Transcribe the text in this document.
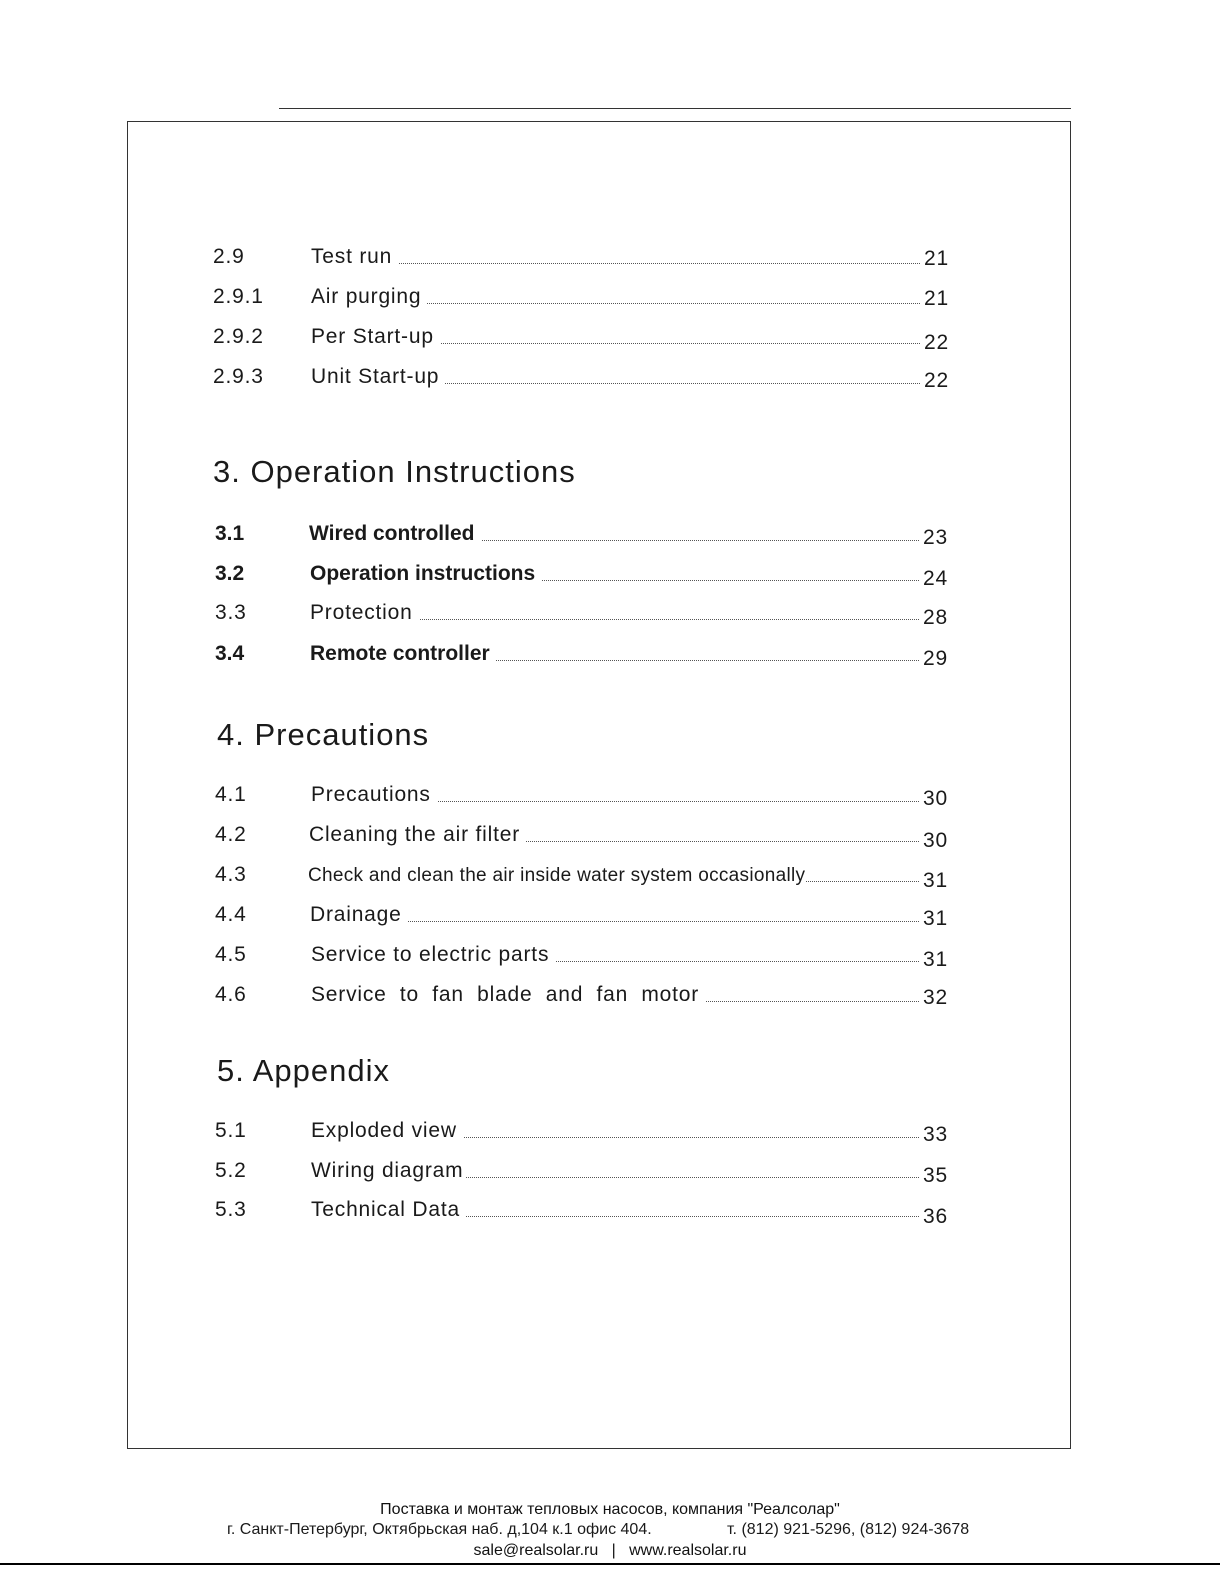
2.9	Test run	21
2.9.1 Air purging	21
2.9.2 Per Start-up	22
2.9.3 Unit Start-up	22
3. Operation Instructions
3.1	Wired controlled	23
3.2	Operation instructions	24
3.3	Protection	28
3.4	Remote controller	29
4. Precautions
4.1	Precautions	30
4.2	Cleaning the air filter	30
4.3	Check and clean the air inside water system occasionally	31
4.4	Drainage	31
4.5	Service to electric parts	31
4.6	Service  to  fan  blade  and  fan  motor	32
5. Appendix
5.1	Exploded view	33
5.2	Wiring diagram	35
5.3	Technical Data	36
Поставка и монтаж тепловых насосов, компания "Реалсолар"
г. Санкт-Петербург, Октябрьская наб. д,104 к.1 офис 404.	т. (812) 921-5296, (812) 924-3678
sale@realsolar.ru   |   www.realsolar.ru
